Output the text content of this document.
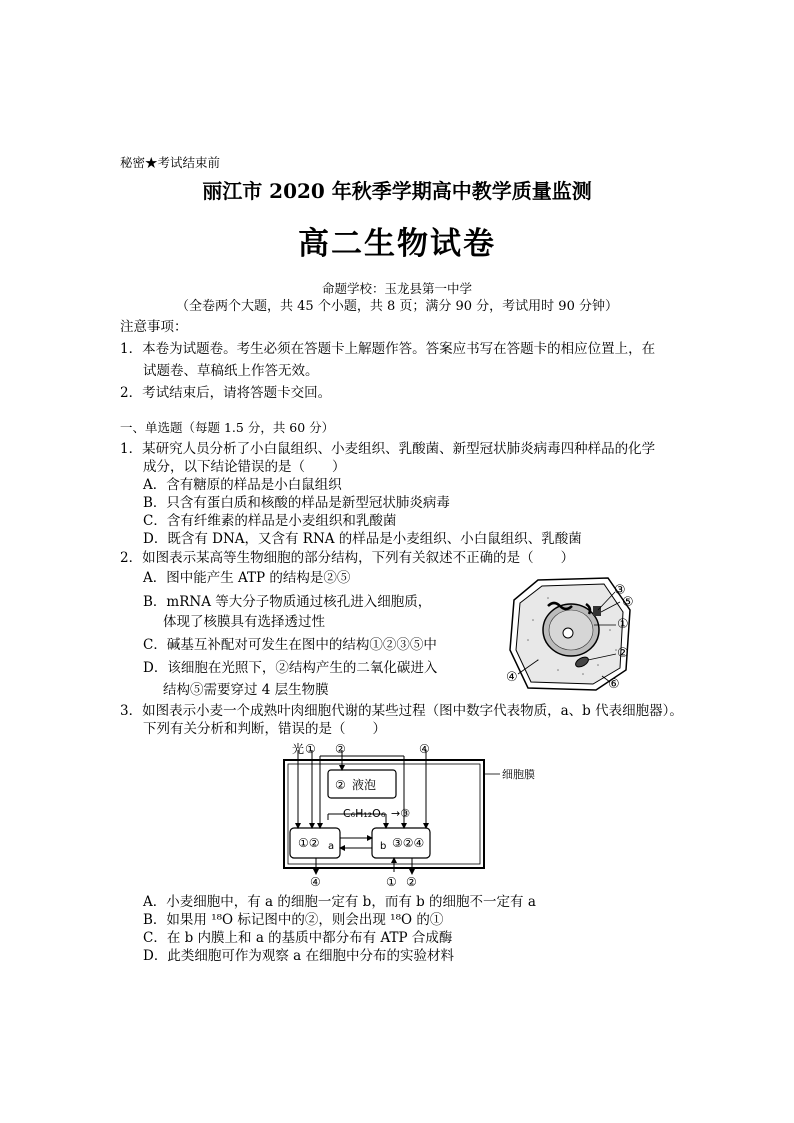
秘密★考试结束前
丽江市 2020 年秋季学期高中教学质量监测
高二生物试卷
命题学校：玉龙县第一中学
（全卷两个大题，共 45 个小题，共 8 页；满分 90 分，考试用时 90 分钟）
注意事项：
1．本卷为试题卷。考生必须在答题卡上解题作答。答案应书写在答题卡的相应位置上，在
试题卷、草稿纸上作答无效。
2．考试结束后，请将答题卡交回。
一、单选题（每题 1.5 分，共 60 分）
1．某研究人员分析了小白鼠组织、小麦组织、乳酸菌、新型冠状肺炎病毒四种样品的化学
成分，以下结论错误的是（　　）
A．含有糖原的样品是小白鼠组织
B．只含有蛋白质和核酸的样品是新型冠状肺炎病毒
C．含有纤维素的样品是小麦组织和乳酸菌
D．既含有 DNA，又含有 RNA 的样品是小麦组织、小白鼠组织、乳酸菌
2．如图表示某高等生物细胞的部分结构，下列有关叙述不正确的是（　　）
A．图中能产生 ATP 的结构是②⑤
B．mRNA 等大分子物质通过核孔进入细胞质，
体现了核膜具有选择透过性
C．碱基互补配对可发生在图中的结构①②③⑤中
D．该细胞在光照下，②结构产生的二氧化碳进入
结构⑤需要穿过 4 层生物膜
③
⑤
①
②
④	⑥
3．如图表示小麦一个成熟叶肉细胞代谢的某些过程（图中数字代表物质，a、b 代表细胞器）。
下列有关分析和判断，错误的是（　　）
光 ① ②	④
② 液泡
细胞膜
C₆H₁₂O₆ →③
①② a	b ③②④
④	① ②
A．小麦细胞中，有 a 的细胞一定有 b，而有 b 的细胞不一定有 a
B．如果用 ¹⁸O 标记图中的②，则会出现 ¹⁸O 的①
C．在 b 内膜上和 a 的基质中都分布有 ATP 合成酶
D．此类细胞可作为观察 a 在细胞中分布的实验材料
